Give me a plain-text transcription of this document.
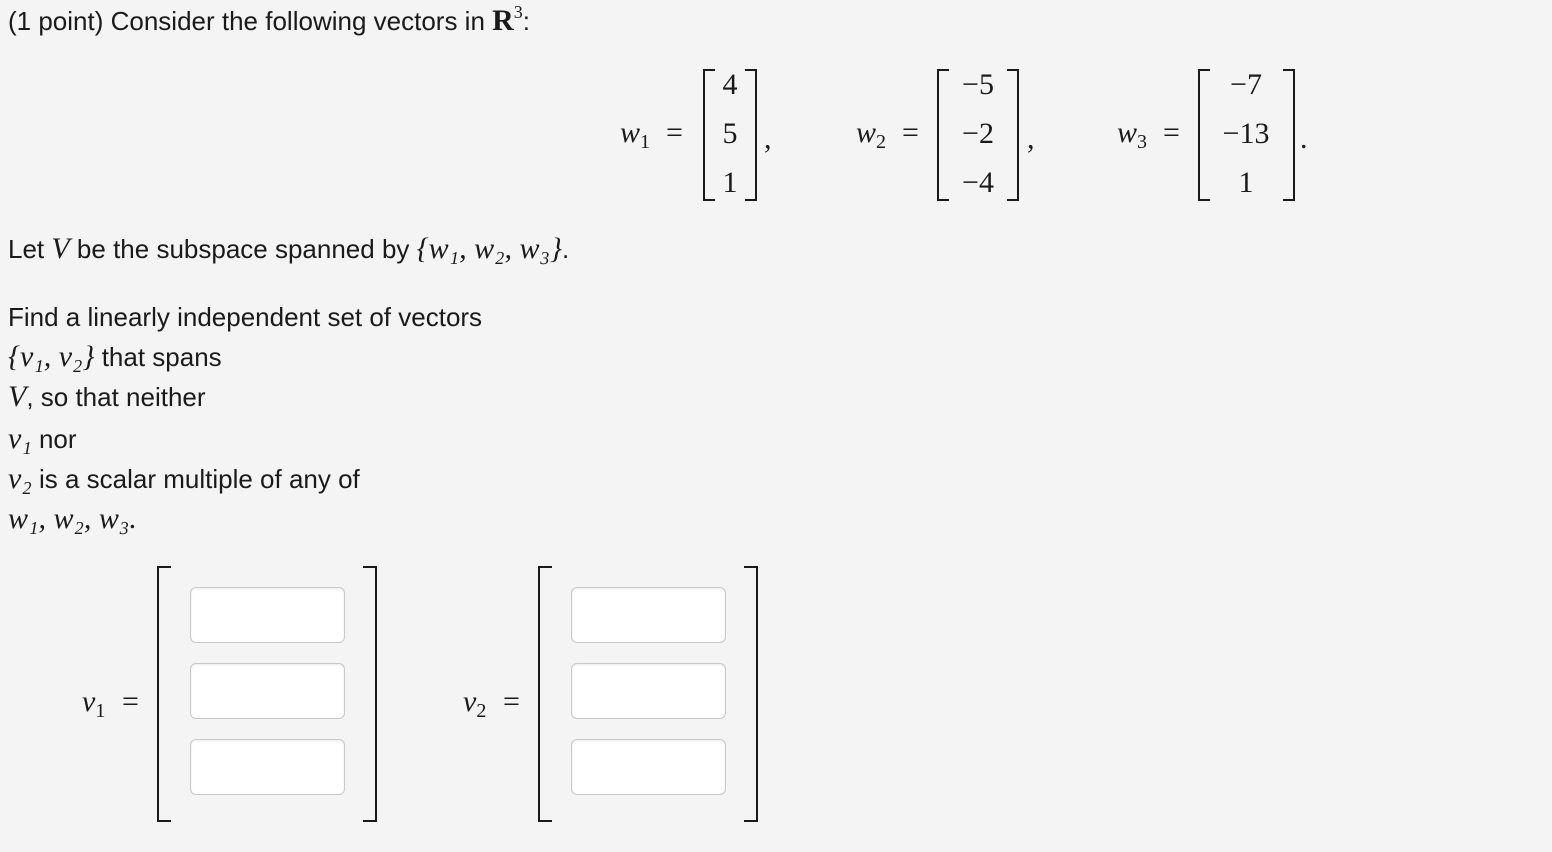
(1 point) Consider the following vectors in $R^3$:
$w_1$ =
4
5
1
,	$w_2$ =
−5
−2
−4
,	$w_3$ =
−7
−13
1
.
Let V be the subspace spanned by {w₁, w₂, w₃}.
Find a linearly independent set of vectors
{v₁, v₂} that spans
V, so that neither
v₁ nor
v₂ is a scalar multiple of any of
w₁, w₂, w₃.
$v_1$ =	$v_2$ =
